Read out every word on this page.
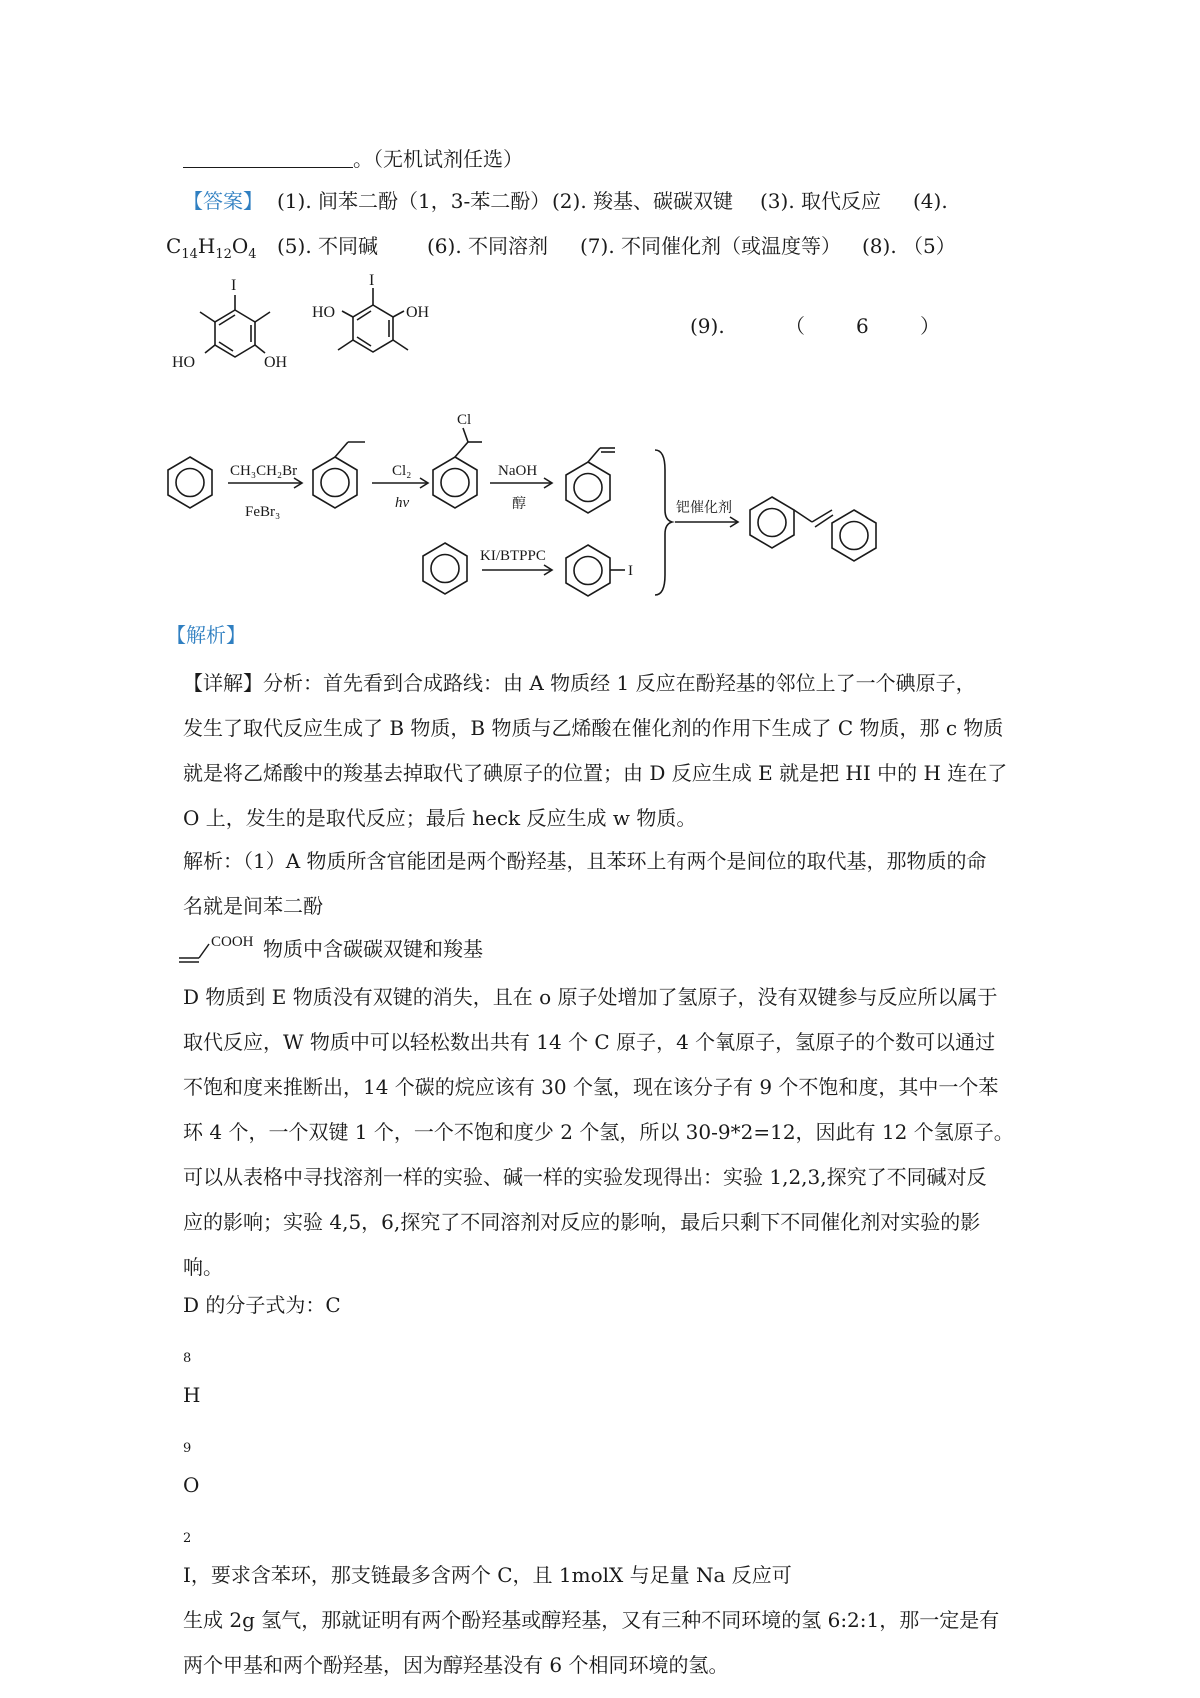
。（无机试剂任选）
【答案】 (1). 间苯二酚（1，3-苯二酚） (2). 羧基、碳碳双键 (3). 取代反应 (4).
$C_{14}H_{12}O_4$ (5). 不同碱 (6). 不同溶剂 (7). 不同催化剂（或温度等） (8). （5）
(9).	（	6	）
I
HO	OH
I
HO	OH
CH₃CH₂Br
FeBr₃
Cl₂
hν
Cl
NaOH
醇
KI/BTPPC
I
钯催化剂
【解析】
【详解】分析：首先看到合成路线：由 A 物质经 1 反应在酚羟基的邻位上了一个碘原子，
发生了取代反应生成了 B 物质，B 物质与乙烯酸在催化剂的作用下生成了 C 物质，那 c 物质
就是将乙烯酸中的羧基去掉取代了碘原子的位置；由 D 反应生成 E 就是把 HI 中的 H 连在了
O 上，发生的是取代反应；最后 heck 反应生成 w 物质。
解析：（1）A 物质所含官能团是两个酚羟基，且苯环上有两个是间位的取代基，那物质的命
名就是间苯二酚
COOH 物质中含碳碳双键和羧基
D 物质到 E 物质没有双键的消失，且在 o 原子处增加了氢原子，没有双键参与反应所以属于
取代反应，W 物质中可以轻松数出共有 14 个 C 原子，4 个氧原子，氢原子的个数可以通过
不饱和度来推断出，14 个碳的烷应该有 30 个氢，现在该分子有 9 个不饱和度，其中一个苯
环 4 个，一个双键 1 个，一个不饱和度少 2 个氢，所以 30-9*2=12，因此有 12 个氢原子。
可以从表格中寻找溶剂一样的实验、碱一样的实验发现得出：实验 1,2,3,探究了不同碱对反
应的影响；实验 4,5，6,探究了不同溶剂对反应的影响，最后只剩下不同催化剂对实验的影
响。
D 的分子式为：C
$_8$
H
$_9$
O
$_2$
I，要求含苯环，那支链最多含两个 C，且 1molX 与足量 Na 反应可
生成 2g 氢气，那就证明有两个酚羟基或醇羟基，又有三种不同环境的氢 6:2:1，那一定是有
两个甲基和两个酚羟基，因为醇羟基没有 6 个相同环境的氢。
